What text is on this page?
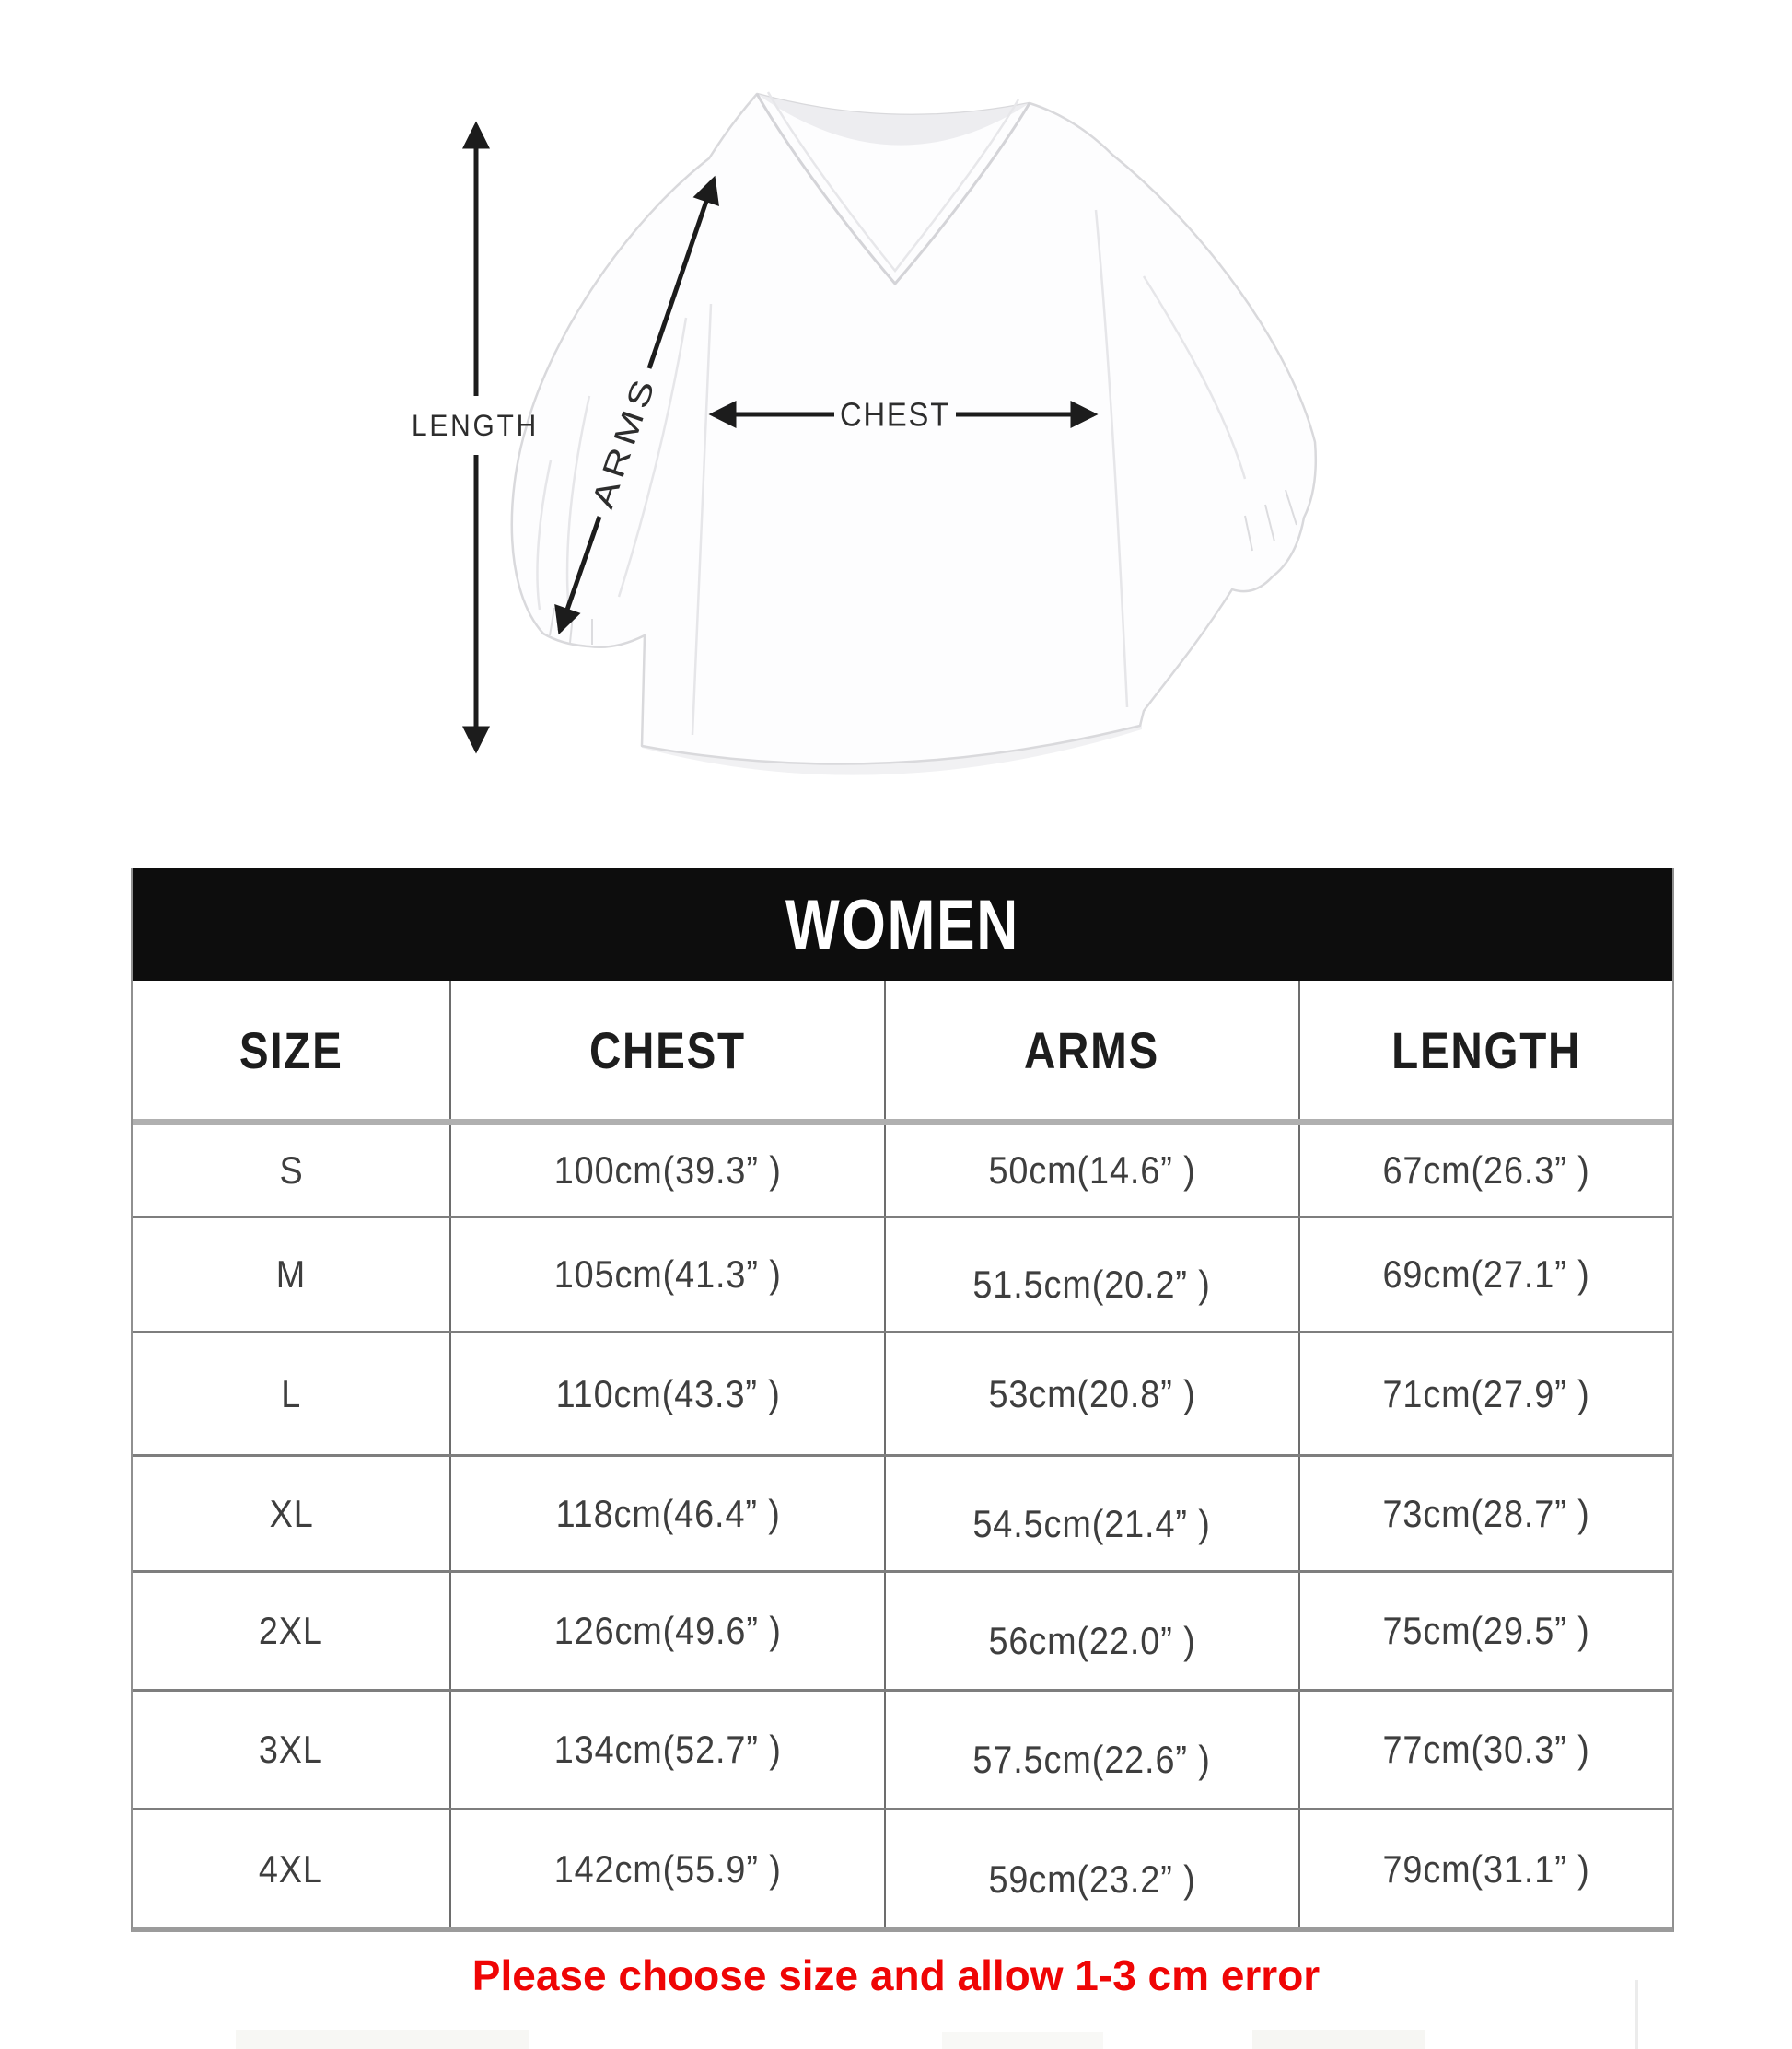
LENGTH ARMS	CHEST
WOMEN
SIZE	CHEST	ARMS	LENGTH
S	100cm(39.3” )	50cm(14.6” )	67cm(26.3” )
M	105cm(41.3” )	51.5cm(20.2” )	69cm(27.1” )
L	110cm(43.3” )	53cm(20.8” )	71cm(27.9” )
XL	118cm(46.4” )	54.5cm(21.4” )	73cm(28.7” )
2XL	126cm(49.6” )	56cm(22.0” )	75cm(29.5” )
3XL	134cm(52.7” )	57.5cm(22.6” )	77cm(30.3” )
4XL	142cm(55.9” )	59cm(23.2” )	79cm(31.1” )
Please choose size and allow 1-3 cm error
